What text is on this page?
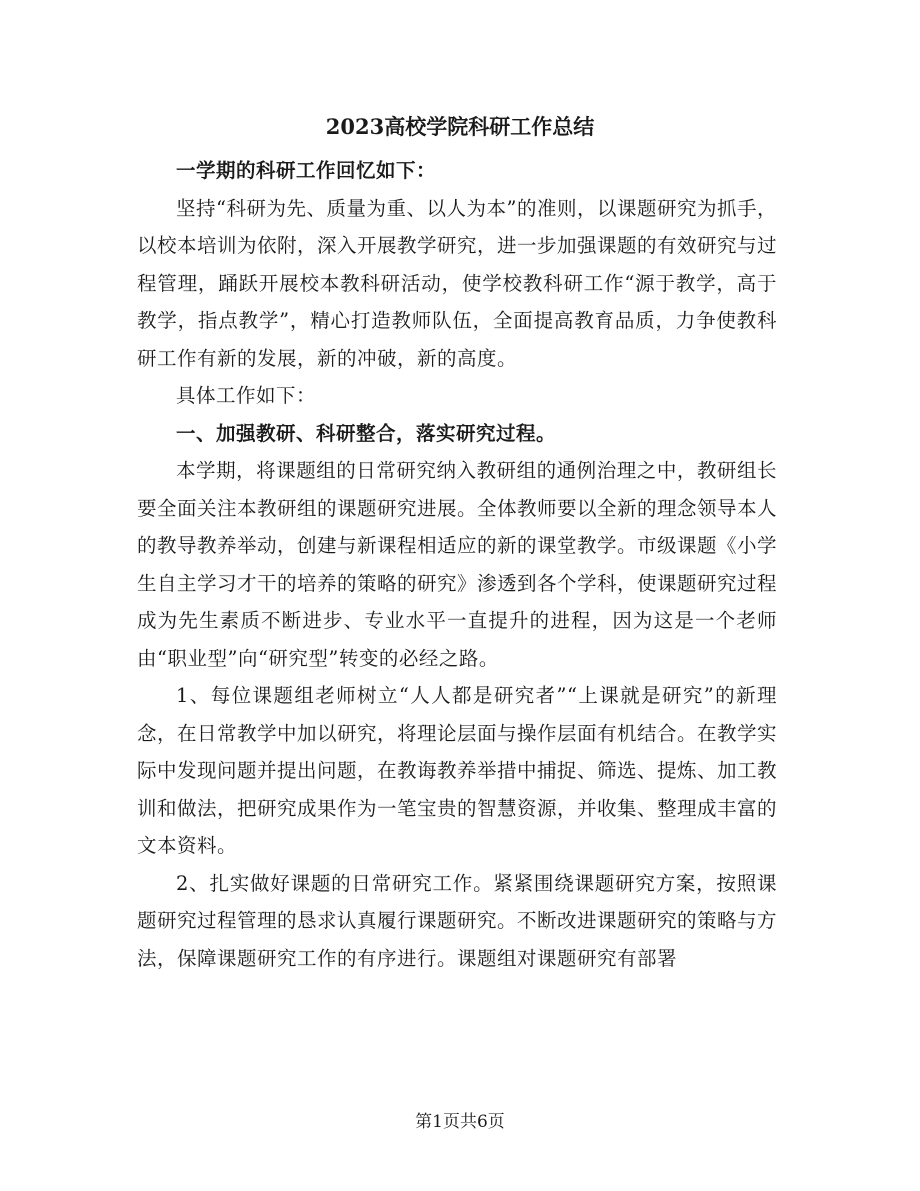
2023高校学院科研工作总结

一学期的科研工作回忆如下：

坚持“科研为先、质量为重、以人为本”的准则，以课题研究为抓手，以校本培训为依附，深入开展教学研究，进一步加强课题的有效研究与过程管理，踊跃开展校本教科研活动，使学校教科研工作“源于教学，高于教学，指点教学”，精心打造教师队伍，全面提高教育品质，力争使教科研工作有新的发展，新的冲破，新的高度。

具体工作如下：

一、加强教研、科研整合，落实研究过程。

本学期，将课题组的日常研究纳入教研组的通例治理之中，教研组长要全面关注本教研组的课题研究进展。全体教师要以全新的理念领导本人的教导教养举动，创建与新课程相适应的新的课堂教学。市级课题《小学生自主学习才干的培养的策略的研究》渗透到各个学科，使课题研究过程成为先生素质不断进步、专业水平一直提升的进程，因为这是一个老师由“职业型”向“研究型”转变的必经之路。

1、每位课题组老师树立“人人都是研究者”“上课就是研究”的新理念，在日常教学中加以研究，将理论层面与操作层面有机结合。在教学实际中发现问题并提出问题，在教诲教养举措中捕捉、筛选、提炼、加工教训和做法，把研究成果作为一笔宝贵的智慧资源，并收集、整理成丰富的文本资料。

2、扎实做好课题的日常研究工作。紧紧围绕课题研究方案，按照课题研究过程管理的恳求认真履行课题研究。不断改进课题研究的策略与方法，保障课题研究工作的有序进行。课题组对课题研究有部署

第1页共6页
